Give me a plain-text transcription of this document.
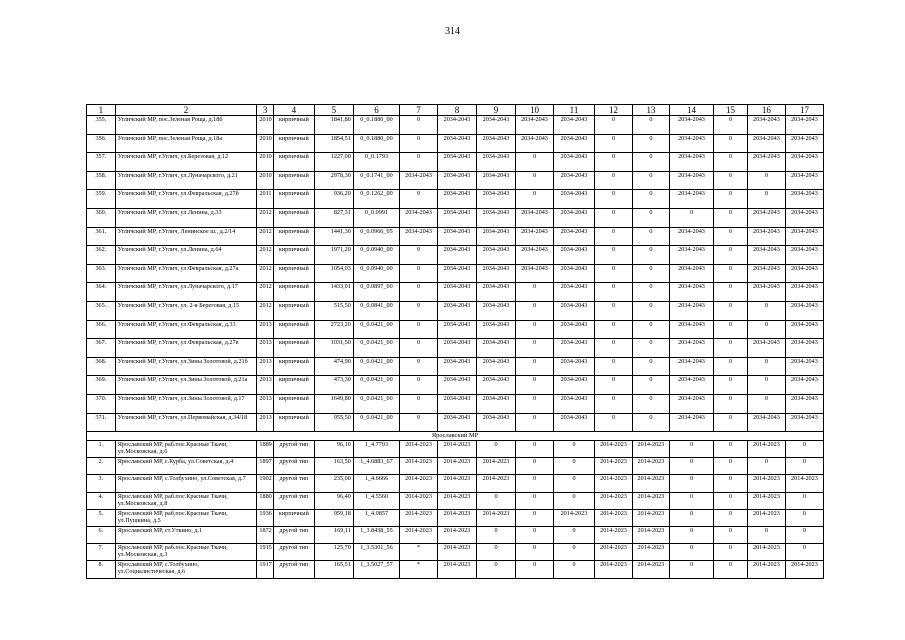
314
1	2	3	4	5	6	7	8	9	10	11	12	13	14	15	16	17
355.	Угличский МР, пос.Зеленая Роща, д.18б	2010	кирпичный	1841,80	0_0.1880_00	0	2034-2043	2034-2043	2034-2043	2034-2043	0	0	2034-2043	0	2034-2043	2034-2043
356.	Угличский МР, пос.Зеленая Роща, д.18а	2010	кирпичный	1854,51	0_0.1880_00	0	2034-2043	2034-2043	2034-2043	2034-2043	0	0	2034-2043	0	2034-2043	2034-2043
357.	Угличский МР, г.Углич, ул.Березовая, д.12	2010	кирпичный	1227,00	0_0.1793	0	2034-2043	2034-2043	0	2034-2043	0	0	2034-2043	0	2034-2043	2034-2043
358.	Угличский МР, г.Углич, ул.Луначарского, д.21	2010	кирпичный	2978,30	0_0.1741_00	2034-2043	2034-2043	2034-2043	0	2034-2043	0	0	2034-2043	0	0	2034-2043
359.	Угличский МР, г.Углич, ул.Февральская, д.27б	2011	кирпичный	936,20	0_0.1262_00	0	2034-2043	2034-2043	0	2034-2043	0	0	2034-2043	0	0	2034-2043
360.	Угличский МР, г.Углич, ул.Ленина, д.33	2012	кирпичный	827,31	0_0.0991	2034-2043	2034-2043	2034-2043	2034-2043	2034-2043	0	0	0	0	2034-2043	2034-2043
361.	Угличский МР, г.Углич, Ленинское ш., д.2/14	2012	кирпичный	1441,30	0_0.0966_05	2034-2043	2034-2043	2034-2043	2034-2043	2034-2043	0	0	2034-2043	0	2034-2043	2034-2043
362.	Угличский МР, г.Углич, ул.Ленина, д.64	2012	кирпичный	1971,20	0_0.0940_00	0	2034-2043	2034-2043	2034-2043	2034-2043	0	0	2034-2043	0	2034-2043	2034-2043
363.	Угличский МР, г.Углич, ул.Февральская, д.27а	2012	кирпичный	1054,03	0_0.0940_00	0	2034-2043	2034-2043	2034-2043	2034-2043	0	0	2034-2043	0	2034-2043	2034-2043
364.	Угличский МР, г.Углич, ул.Луначарского, д.17	2012	кирпичный	1433,01	0_0.0897_00	0	2034-2043	2034-2043	0	2034-2043	0	0	2034-2043	0	2034-2043	2034-2043
365.	Угличский МР, г.Углич, ул. 2-я Береговая, д.15	2012	кирпичный	515,50	0_0.0841_00	0	2034-2043	2034-2043	0	2034-2043	0	0	2034-2043	0	0	2034-2043
366.	Угличский МР, г.Углич, ул.Февральская, д.33	2013	кирпичный	2723,20	0_0.0421_00	0	2034-2043	2034-2043	0	2034-2043	0	0	2034-2043	0	0	2034-2043
367.	Угличский МР, г.Углич, ул.Февральская, д.27в	2013	кирпичный	1031,50	0_0.0421_00	0	2034-2043	2034-2043	0	2034-2043	0	0	2034-2043	0	2034-2043	2034-2043
368.	Угличский МР, г.Углич, ул.Зины Золотовой, д.21б	2013	кирпичный	474,90	0_0.0421_00	0	2034-2043	2034-2043	0	2034-2043	0	0	2034-2043	0	0	2034-2043
369.	Угличский МР, г.Углич, ул.Зины Золотовой, д.21а	2013	кирпичный	473,30	0_0.0421_00	0	2034-2043	2034-2043	0	2034-2043	0	0	2034-2043	0	0	2034-2043
370.	Угличский МР, г.Углич, ул.Зины Золотовой, д.17	2013	кирпичный	1649,80	0_0.0421_00	0	2034-2043	2034-2043	0	2034-2043	0	0	2034-2043	0	0	2034-2043
371.	Угличский МР, г.Углич, ул.Первомайская, д.34/18	2013	кирпичный	955,50	0_0.0421_00	0	2034-2043	2034-2043	0	2034-2043	0	0	2034-2043	0	2034-2043	2034-2043
Ярославский МР																
1.	Ярославский МР, раб.пос.Красные Ткачи, ул.Московская, д.6	1889	другой тип	96,10	1_4.7793	2014-2023	2014-2023	0	0	0	2014-2023	2014-2023	0	0	2014-2023	0
2.	Ярославский МР, с.Курба, ул.Советская, д.4	1897	другой тип	163,50	1_4.6883_67	2014-2023	2014-2023	2014-2023	0	0	2014-2023	2014-2023	0	0	0	0
3.	Ярославский МР, с.Толбухино, ул.Советская, д.7	1902	другой тип	235,00	1_4.6666	2014-2023	2014-2023	2014-2023	0	0	2014-2023	2014-2023	0	0	2014-2023	2014-2023
4.	Ярославский МР, раб.пос.Красные Ткачи, ул.Московская, д.8	1880	другой тип	96,40	1_4.5560	2014-2023	2014-2023	0	0	0	2014-2023	2014-2023	0	0	2014-2023	0
5.	Ярославский МР, раб.пос.Красные Ткачи, ул.Пушкина, д.5	1936	кирпичный	959,18	1_4.0857	2014-2023	2014-2023	2014-2023	0	2014-2023	2014-2023	2014-2023	0	0	2014-2023	0
6.	Ярославский МР, ст.Уткино, д.1	1872	другой тип	169,11	1_3.8438_55	2014-2023	2014-2023	0	0	0	2014-2023	2014-2023	0	0	0	0
7.	Ярославский МР, раб.пос.Красные Ткачи, ул.Московская, д.3	1915	другой тип	125,70	1_3.5301_56	*	2014-2023	0	0	0	2014-2023	2014-2023	0	0	2014-2023	0
8.	Ярославский МР, с.Толбухино, ул.Социалистическая, д.6	1917	другой тип	165,51	1_3.5027_57	*	2014-2023	0	0	0	2014-2023	2014-2023	0	0	2014-2023	2014-2023
